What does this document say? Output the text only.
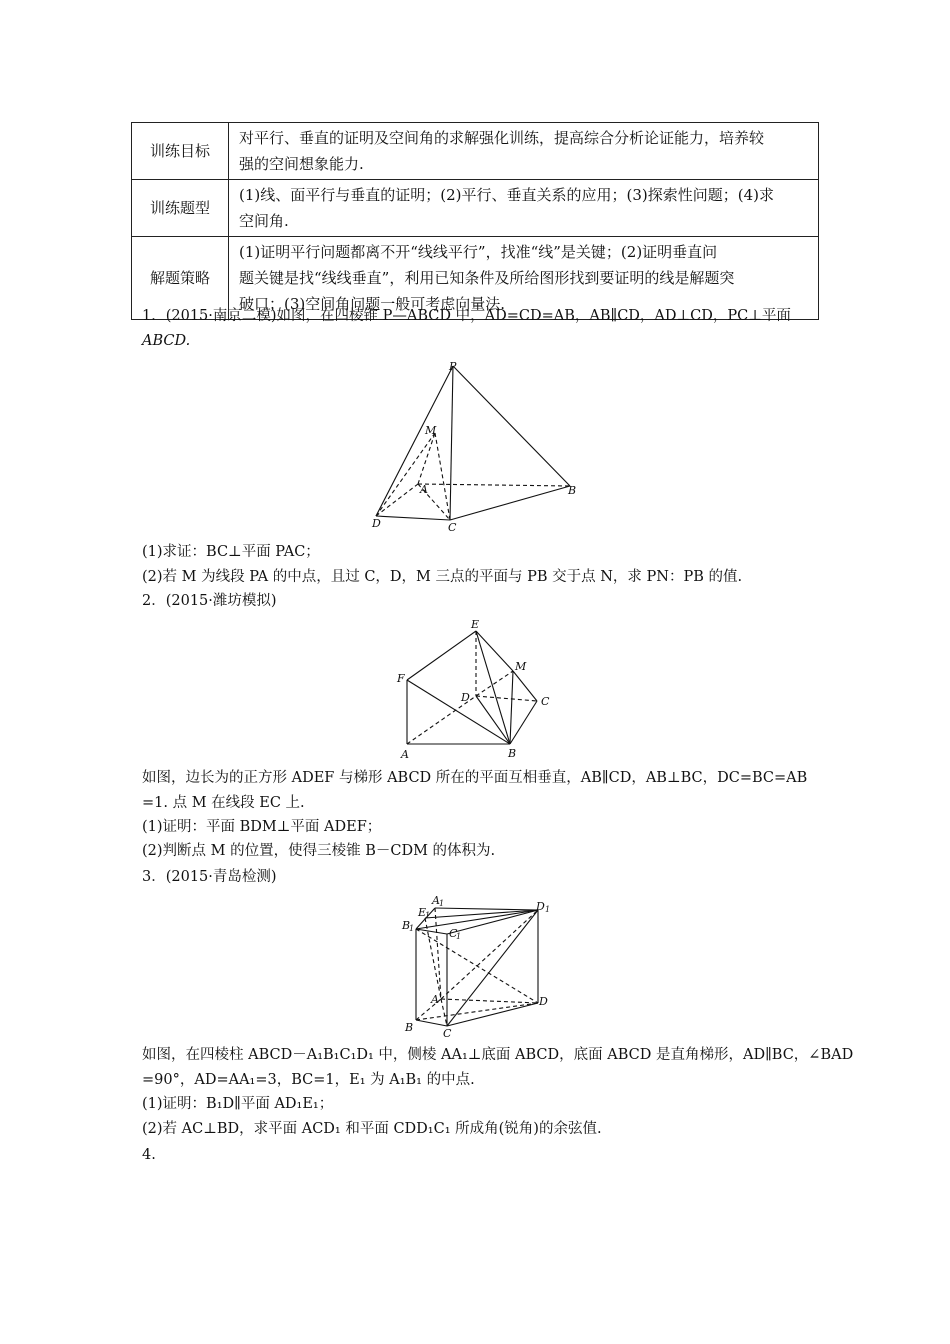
训练目标	对平行、垂直的证明及空间角的求解强化训练，提高综合分析论证能力，培养较
强的空间想象能力.
训练题型	(1)线、面平行与垂直的证明；(2)平行、垂直关系的应用；(3)探索性问题；(4)求
空间角.
解题策略	(1)证明平行问题都离不开“线线平行”，找准“线”是关键；(2)证明垂直问
题关键是找“线线垂直”，利用已知条件及所给图形找到要证明的线是解题突
破口；(3)空间角问题一般可考虑向量法.
1．(2015·南京二模)如图，在四棱锥 P—ABCD 中，AD=CD=AB，AB∥CD，AD⊥CD，PC⊥平面
ABCD.
P
M
A	B
C
D
(1)求证：BC⊥平面 PAC；
(2)若 M 为线段 PA 的中点，且过 C，D，M 三点的平面与 PB 交于点 N，求 PN：PB 的值.
2．(2015·潍坊模拟)
E
M
F
D	C
A	B
如图，边长为的正方形 ADEF 与梯形 ABCD 所在的平面互相垂直，AB∥CD，AB⊥BC，DC=BC=AB
=1. 点 M 在线段 EC 上.
(1)证明：平面 BDM⊥平面 ADEF；
(2)判断点 M 的位置，使得三棱锥 B－CDM 的体积为.
3．(2015·青岛检测)
A 1
E
1
B
1	C
1
D 1
A
B	C
D
如图，在四棱柱 ABCD－A₁B₁C₁D₁ 中，侧棱 AA₁⊥底面 ABCD，底面 ABCD 是直角梯形，AD∥BC，∠BAD
=90°，AD=AA₁=3，BC=1，E₁ 为 A₁B₁ 的中点.
(1)证明：B₁D∥平面 AD₁E₁；
(2)若 AC⊥BD，求平面 ACD₁ 和平面 CDD₁C₁ 所成角(锐角)的余弦值.
4.
